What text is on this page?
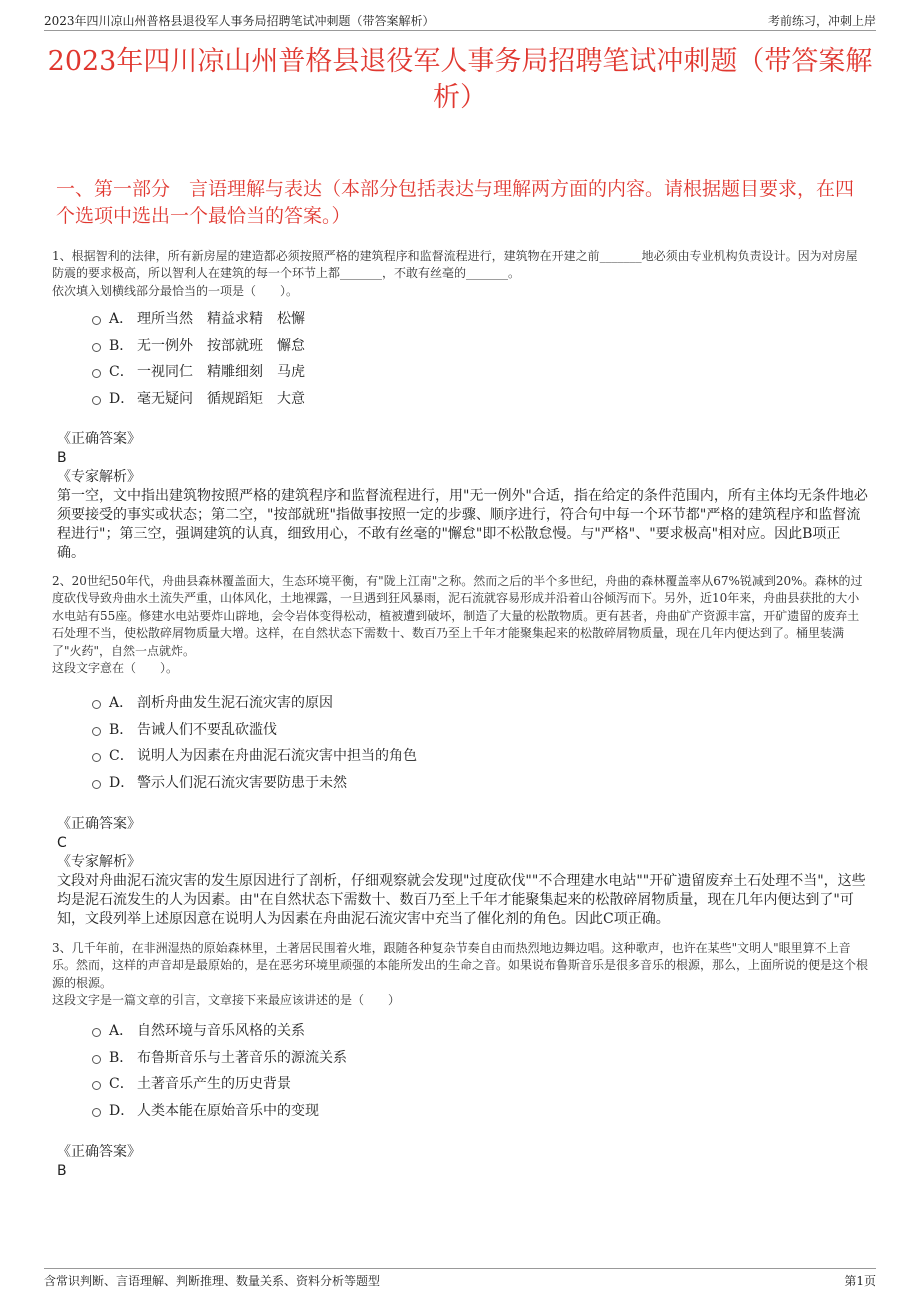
2023年四川凉山州普格县退役军人事务局招聘笔试冲刺题（带答案解析）	考前练习，冲刺上岸
2023年四川凉山州普格县退役军人事务局招聘笔试冲刺题（带答案解析）
一、第一部分　言语理解与表达（本部分包括表达与理解两方面的内容。请根据题目要求，在四个选项中选出一个最恰当的答案。）
1、根据智利的法律，所有新房屋的建造都必须按照严格的建筑程序和监督流程进行，建筑物在开建之前_______地必须由专业机构负责设计。因为对房屋防震的要求极高，所以智利人在建筑的每一个环节上都_______，不敢有丝毫的_______。
依次填入划横线部分最恰当的一项是（　　）。
A． 理所当然　精益求精　松懈
B． 无一例外　按部就班　懈怠
C． 一视同仁　精雕细刻　马虎
D． 毫无疑问　循规蹈矩　大意
《正确答案》
B
《专家解析》
第一空，文中指出建筑物按照严格的建筑程序和监督流程进行，用"无一例外"合适，指在给定的条件范围内，所有主体均无条件地必须要接受的事实或状态；第二空，"按部就班"指做事按照一定的步骤、顺序进行，符合句中每一个环节都"严格的建筑程序和监督流程进行"；第三空，强调建筑的认真，细致用心，不敢有丝毫的"懈怠"即不松散怠慢。与"严格"、"要求极高"相对应。因此B项正确。
2、20世纪50年代，舟曲县森林覆盖面大，生态环境平衡，有"陇上江南"之称。然而之后的半个多世纪，舟曲的森林覆盖率从67%锐减到20%。森林的过度砍伐导致舟曲水土流失严重，山体风化，土地裸露，一旦遇到狂风暴雨，泥石流就容易形成并沿着山谷倾泻而下。另外，近10年来，舟曲县获批的大小水电站有55座。修建水电站要炸山辟地，会令岩体变得松动，植被遭到破坏，制造了大量的松散物质。更有甚者，舟曲矿产资源丰富，开矿遗留的废弃土石处理不当，使松散碎屑物质量大增。这样，在自然状态下需数十、数百乃至上千年才能聚集起来的松散碎屑物质量，现在几年内便达到了。桶里装满了"火药"，自然一点就炸。
这段文字意在（　　）。
A． 剖析舟曲发生泥石流灾害的原因
B． 告诫人们不要乱砍滥伐
C． 说明人为因素在舟曲泥石流灾害中担当的角色
D． 警示人们泥石流灾害要防患于未然
《正确答案》
C
《专家解析》
文段对舟曲泥石流灾害的发生原因进行了剖析，仔细观察就会发现"过度砍伐""不合理建水电站""开矿遗留废弃土石处理不当"，这些均是泥石流发生的人为因素。由"在自然状态下需数十、数百乃至上千年才能聚集起来的松散碎屑物质量，现在几年内便达到了"可知，文段列举上述原因意在说明人为因素在舟曲泥石流灾害中充当了催化剂的角色。因此C项正确。
3、几千年前，在非洲湿热的原始森林里，土著居民围着火堆，跟随各种复杂节奏自由而热烈地边舞边唱。这种歌声，也许在某些"文明人"眼里算不上音乐。然而，这样的声音却是最原始的，是在恶劣环境里顽强的本能所发出的生命之音。如果说布鲁斯音乐是很多音乐的根源，那么，上面所说的便是这个根源的根源。
这段文字是一篇文章的引言，文章接下来最应该讲述的是（　　）
A． 自然环境与音乐风格的关系
B． 布鲁斯音乐与土著音乐的源流关系
C． 土著音乐产生的历史背景
D． 人类本能在原始音乐中的变现
《正确答案》
B
含常识判断、言语理解、判断推理、数量关系、资料分析等题型	第1页
